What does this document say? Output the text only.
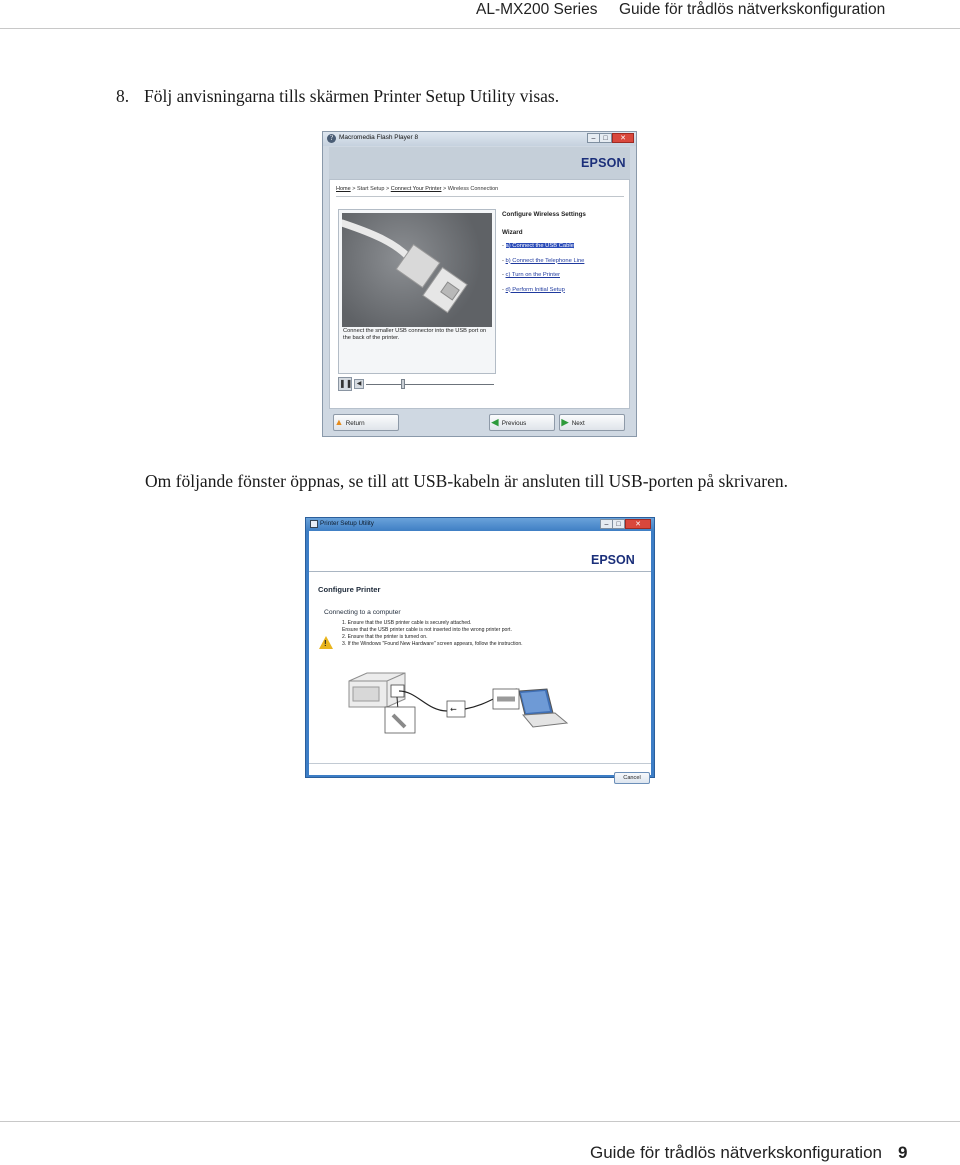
AL-MX200 Series Guide för trådlös nätverkskonfiguration
8. Följ anvisningarna tills skärmen Printer Setup Utility visas.
? Macromedia Flash Player 8	–	□	✕
EPSON
Home > Start Setup > Connect Your Printer > Wireless Connection
Connect the smaller USB connector into the USB port on the back of the printer.
❚❚ ◀
Configure Wireless Settings
Wizard
- a) Connect the USB Cable
- b) Connect the Telephone Line
- c) Turn on the Printer
- d) Perform Initial Setup
▲ Return	◀ Previous	▶ Next
Om följande fönster öppnas, se till att USB-kabeln är ansluten till USB-porten på skrivaren.
Printer Setup Utility	–	□	✕
EPSON
Configure Printer
Connecting to a computer
!
1. Ensure that the USB printer cable is securely attached.
Ensure that the USB printer cable is not inserted into the wrong printer port.
2. Ensure that the printer is turned on.
3. If the Windows "Found New Hardware" screen appears, follow the instruction.
⇜
Cancel
Guide för trådlös nätverkskonfiguration 9
